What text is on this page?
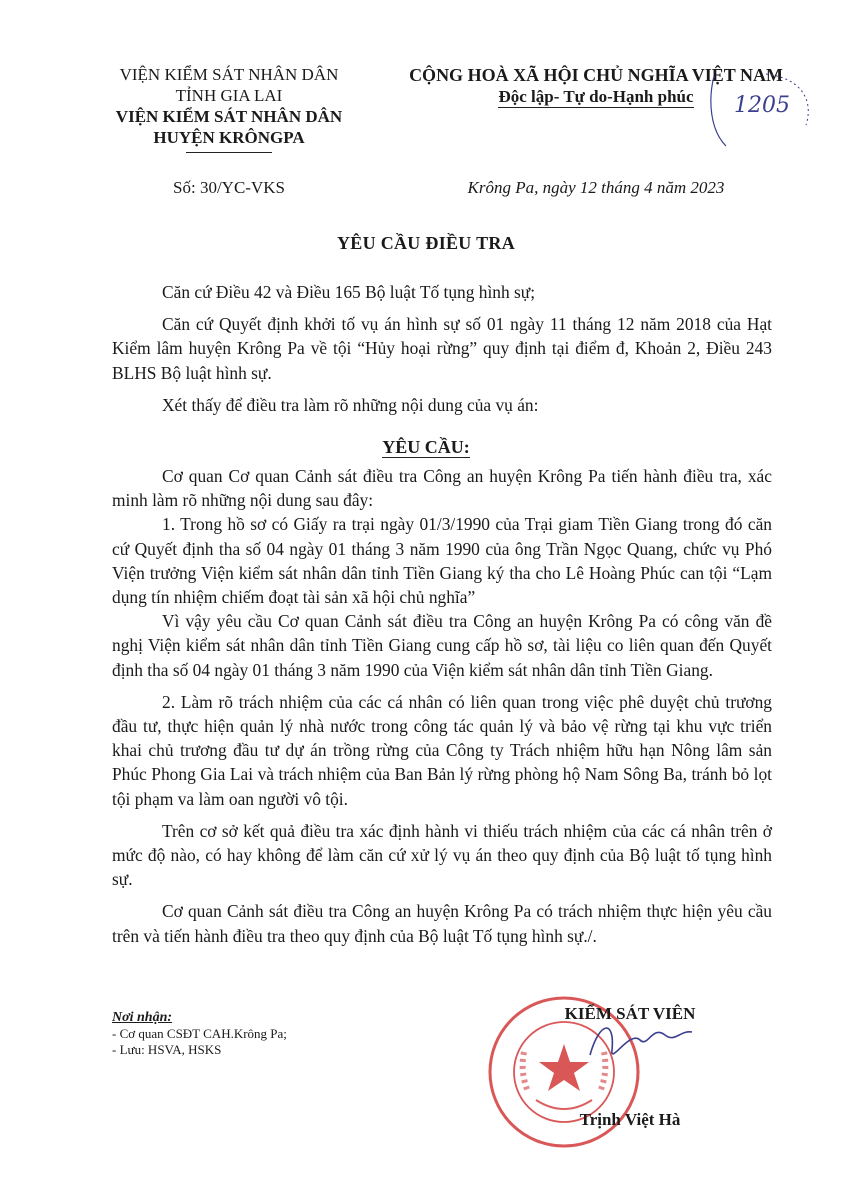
VIỆN KIỂM SÁT NHÂN DÂN
TỈNH GIA LAI
VIỆN KIỂM SÁT NHÂN DÂN
HUYỆN KRÔNGPA
CỘNG HOÀ XÃ HỘI CHỦ NGHĨA VIỆT NAM
Độc lập- Tự do-Hạnh phúc	1205
Số: 30/YC-VKS	Krông Pa, ngày 12 tháng 4 năm 2023
YÊU CẦU ĐIỀU TRA

Căn cứ Điều 42 và Điều 165 Bộ luật Tố tụng hình sự;

Căn cứ Quyết định khởi tố vụ án hình sự số 01 ngày 11 tháng 12 năm 2018 của Hạt Kiểm lâm huyện Krông Pa về tội “Hủy hoại rừng” quy định tại điểm đ, Khoản 2, Điều 243 BLHS Bộ luật hình sự.

Xét thấy để điều tra làm rõ những nội dung của vụ án:

YÊU CẦU:

Cơ quan Cơ quan Cảnh sát điều tra Công an huyện Krông Pa tiến hành điều tra, xác minh làm rõ những nội dung sau đây:

1. Trong hồ sơ có Giấy ra trại ngày 01/3/1990 của Trại giam Tiền Giang trong đó căn cứ Quyết định tha số 04 ngày 01 tháng 3 năm 1990 của ông Trần Ngọc Quang, chức vụ Phó Viện trưởng Viện kiểm sát nhân dân tỉnh Tiền Giang ký tha cho Lê Hoàng Phúc can tội “Lạm dụng tín nhiệm chiếm đoạt tài sản xã hội chủ nghĩa”

Vì vậy yêu cầu Cơ quan Cảnh sát điều tra Công an huyện Krông Pa có công văn đề nghị Viện kiểm sát nhân dân tỉnh Tiền Giang cung cấp hồ sơ, tài liệu co liên quan đến Quyết định tha số 04 ngày 01 tháng 3 năm 1990 của Viện kiểm sát nhân dân tỉnh Tiền Giang.

2. Làm rõ trách nhiệm của các cá nhân có liên quan trong việc phê duyệt chủ trương đầu tư, thực hiện quản lý nhà nước trong công tác quản lý và bảo vệ rừng tại khu vực triển khai chủ trương đầu tư dự án trồng rừng của Công ty Trách nhiệm hữu hạn Nông lâm sản Phúc Phong Gia Lai và trách nhiệm của Ban Bản lý rừng phòng hộ Nam Sông Ba, tránh bỏ lọt tội phạm va làm oan người vô tội.

Trên cơ sở kết quả điều tra xác định hành vi thiếu trách nhiệm của các cá nhân trên ở mức độ nào, có hay không để làm căn cứ xử lý vụ án theo quy định của Bộ luật tố tụng hình sự.

Cơ quan Cảnh sát điều tra Công an huyện Krông Pa có trách nhiệm thực hiện yêu cầu trên và tiến hành điều tra theo quy định của Bộ luật Tố tụng hình sự./.

Nơi nhận:
- Cơ quan CSĐT CAH.Krông Pa;
- Lưu: HSVA, HSKS
KIỂM SÁT VIÊN
Trịnh Việt Hà
